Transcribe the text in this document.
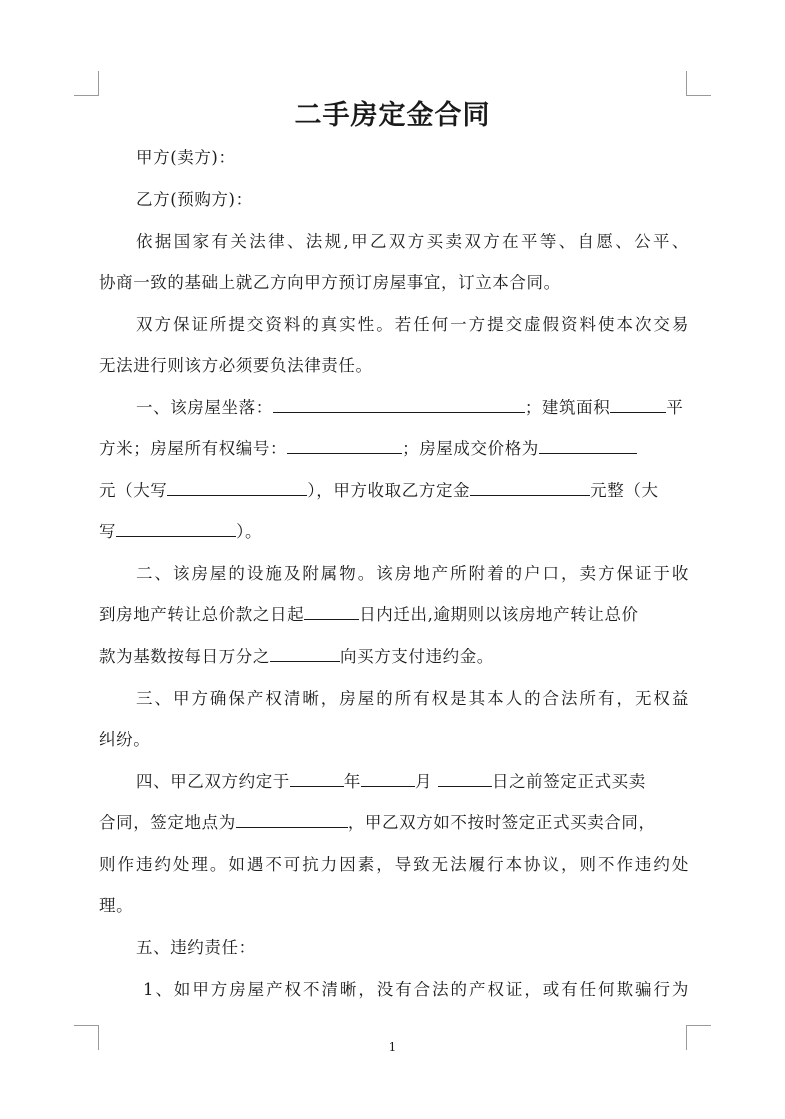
二手房定金合同
甲方(卖方)：
乙方(预购方)：
依据国家有关法律、法规,甲乙双方买卖双方在平等、自愿、公平、
协商一致的基础上就乙方向甲方预订房屋事宜，订立本合同。
双方保证所提交资料的真实性。若任何一方提交虚假资料使本次交易
无法进行则该方必须要负法律责任。
一、该房屋坐落：	；建筑面积	平
方米；房屋所有权编号：	；房屋成交价格为
元（大写	），甲方收取乙方定金	元整（大
写	）。
二、该房屋的设施及附属物。该房地产所附着的户口，卖方保证于收
到房地产转让总价款之日起	日内迁出,逾期则以该房地产转让总价
款为基数按每日万分之	向买方支付违约金。
三、甲方确保产权清晰，房屋的所有权是其本人的合法所有，无权益
纠纷。
四、甲乙双方约定于	年	月	日之前签定正式买卖
合同，签定地点为	，甲乙双方如不按时签定正式买卖合同，
则作违约处理。如遇不可抗力因素，导致无法履行本协议，则不作违约处
理。
五、违约责任：
1、如甲方房屋产权不清晰，没有合法的产权证，或有任何欺骗行为
1
